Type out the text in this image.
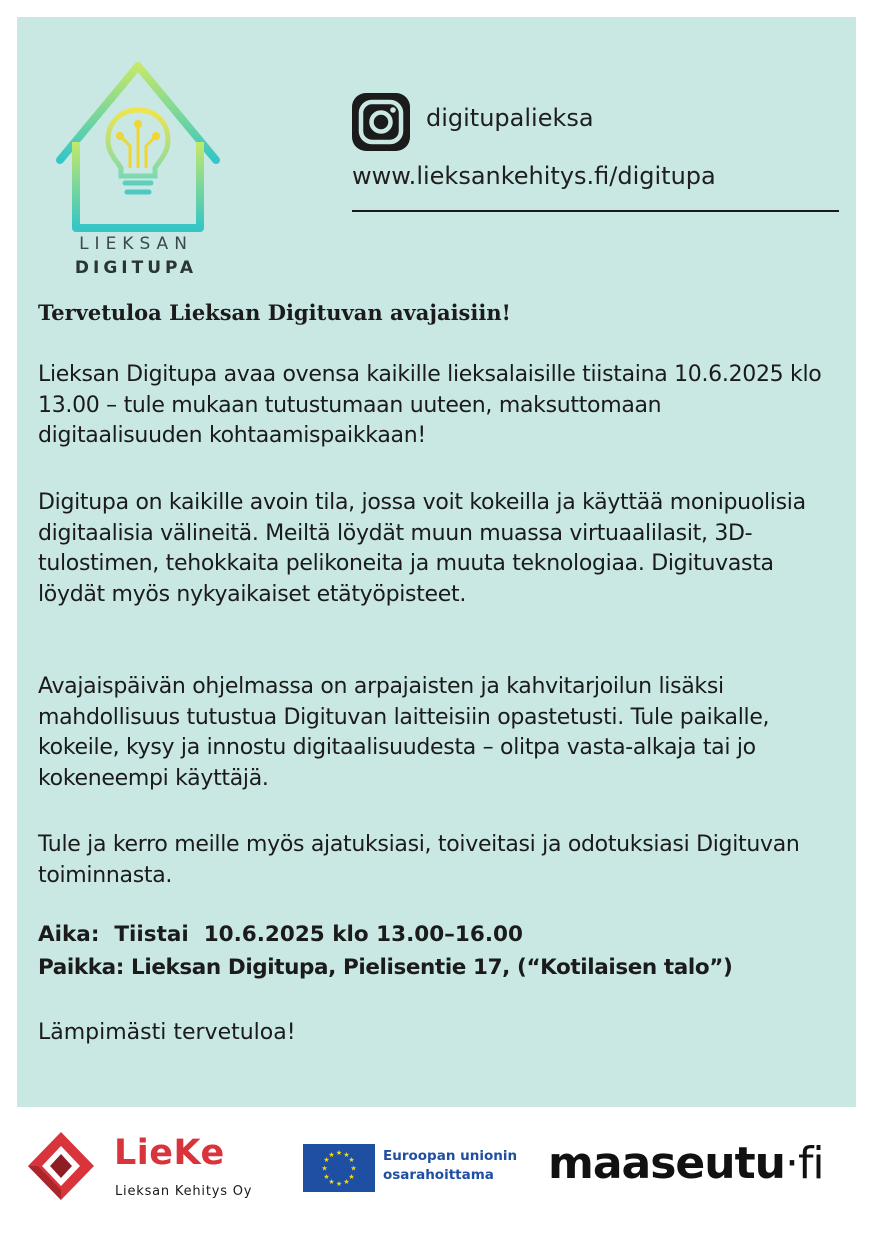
LIEKSAN
DIGITUPA
digitupalieksa
www.lieksankehitys.fi/digitupa
Tervetuloa Lieksan Digituvan avajaisiin!

Lieksan Digitupa avaa ovensa kaikille lieksalaisille tiistaina 10.6.2025 klo 13.00 – tule mukaan tutustumaan uuteen, maksuttomaan digitaalisuuden kohtaamispaikkaan!

Digitupa on kaikille avoin tila, jossa voit kokeilla ja käyttää monipuolisia digitaalisia välineitä. Meiltä löydät muun muassa virtuaalilasit, 3D-tulostimen, tehokkaita pelikoneita ja muuta teknologiaa. Digituvasta löydät myös nykyaikaiset etätyöpisteet.

Avajaispäivän ohjelmassa on arpajaisten ja kahvitarjoilun lisäksi mahdollisuus tutustua Digituvan laitteisiin opastetusti. Tule paikalle, kokeile, kysy ja innostu digitaalisuudesta – olitpa vasta-alkaja tai jo kokeneempi käyttäjä.

Tule ja kerro meille myös ajatuksiasi, toiveitasi ja odotuksiasi Digituvan toiminnasta.

Aika:  Tiistai  10.6.2025 klo 13.00–16.00
Paikka: Lieksan Digitupa, Pielisentie 17, (“Kotilaisen talo”)
Lämpimästi tervetuloa!
LieKe
Lieksan Kehitys Oy
★ ★
★
★
★
★
★
★
★
★
★
★	Euroopan unionin
osarahoittama maaseutu·fi
